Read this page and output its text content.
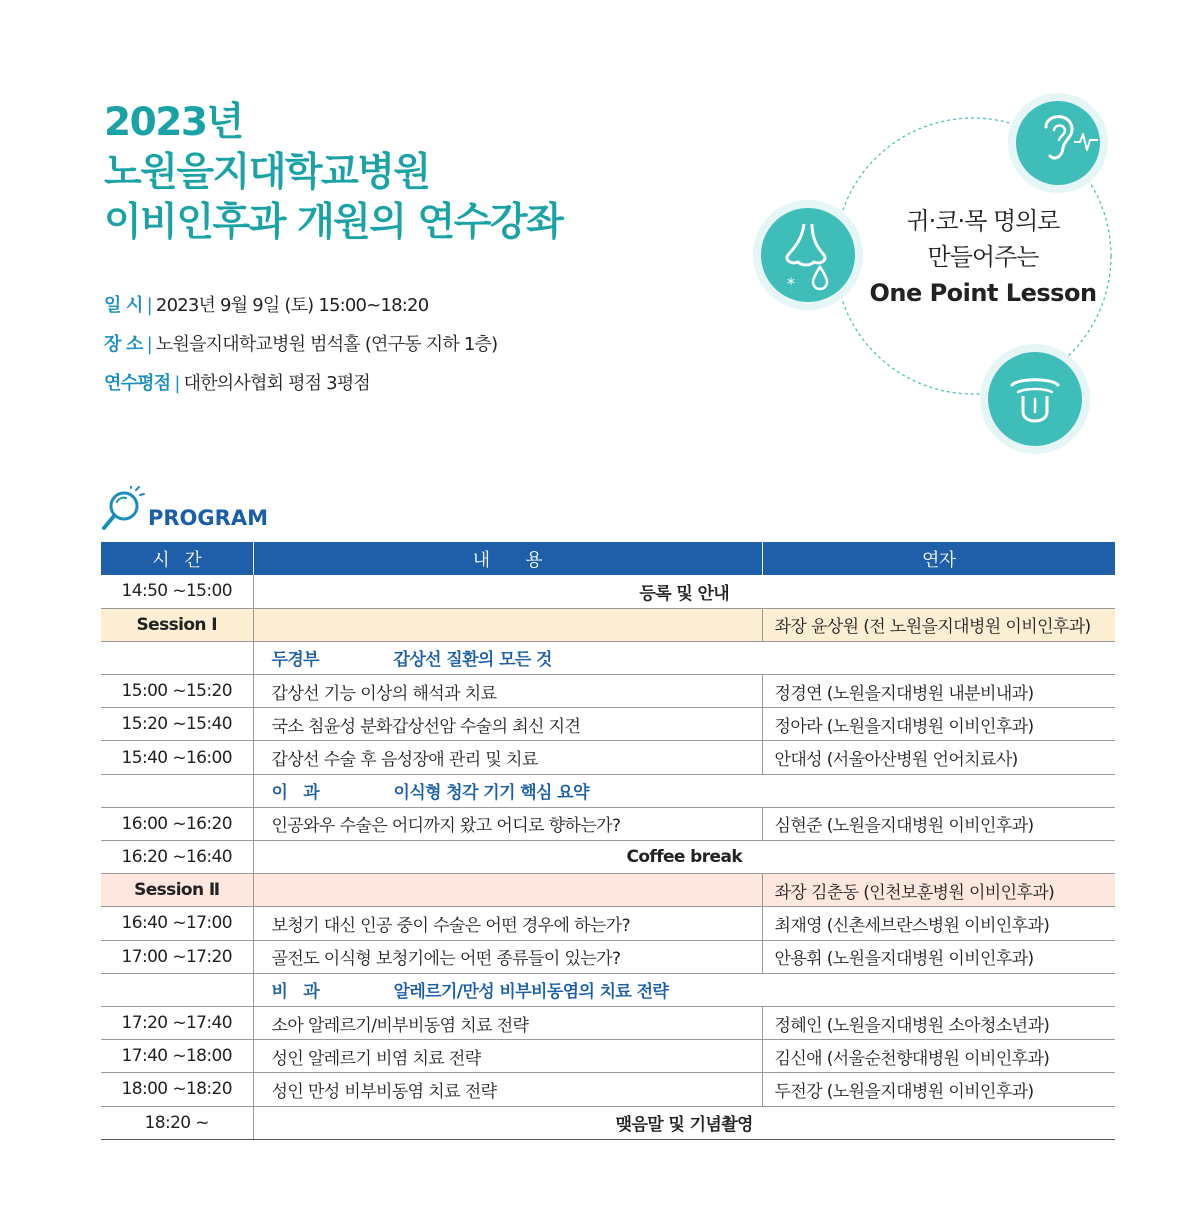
2023년
노원을지대학교병원
이비인후과 개원의 연수강좌
일 시 | 2023년 9월 9일 (토) 15:00~18:20
장 소 | 노원을지대학교병원 범석홀 (연구동 지하 1층)
연수평점 | 대한의사협회 평점 3평점
*
귀·코·목 명의로
만들어주는
One Point Lesson
PROGRAM
시   간	내       용	연자
14:50 ~15:00	등록 및 안내	
Session Ⅰ		좌장 윤상원 (전 노원을지대병원 이비인후과)
	두경부 갑상선 질환의 모든 것	
15:00 ~15:20	갑상선 기능 이상의 해석과 치료	정경연 (노원을지대병원 내분비내과)
15:20 ~15:40	국소 침윤성 분화갑상선암 수술의 최신 지견	정아라 (노원을지대병원 이비인후과)
15:40 ~16:00	갑상선 수술 후 음성장애 관리 및 치료	안대성 (서울아산병원 언어치료사)
	이   과 이식형 청각 기기 핵심 요약	
16:00 ~16:20	인공와우 수술은 어디까지 왔고 어디로 향하는가?	심현준 (노원을지대병원 이비인후과)
16:20 ~16:40	Coffee break	
Session Ⅱ		좌장 김춘동 (인천보훈병원 이비인후과)
16:40 ~17:00	보청기 대신 인공 중이 수술은 어떤 경우에 하는가?	최재영 (신촌세브란스병원 이비인후과)
17:00 ~17:20	골전도 이식형 보청기에는 어떤 종류들이 있는가?	안용휘 (노원을지대병원 이비인후과)
	비   과 알레르기/만성 비부비동염의 치료 전략	
17:20 ~17:40	소아 알레르기/비부비동염 치료 전략	정혜인 (노원을지대병원 소아청소년과)
17:40 ~18:00	성인 알레르기 비염 치료 전략	김신애 (서울순천향대병원 이비인후과)
18:00 ~18:20	성인 만성 비부비동염 치료 전략	두전강 (노원을지대병원 이비인후과)
18:20 ~	맺음말 및 기념촬영	
